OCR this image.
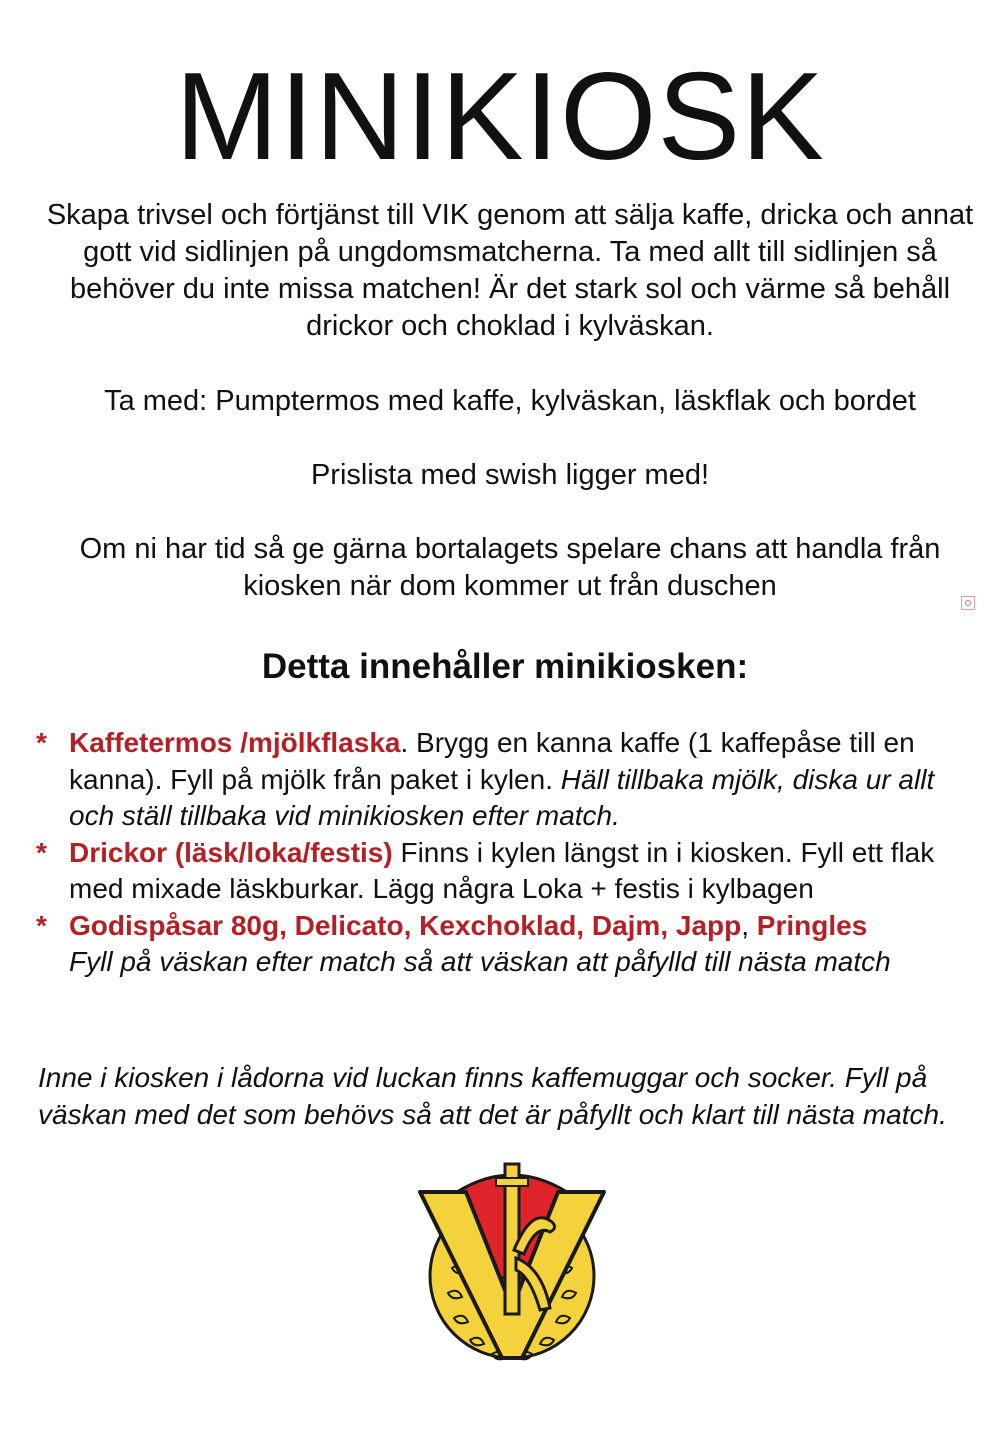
MINIKIOSK

Skapa trivsel och förtjänst till VIK genom att sälja kaffe, dricka och annat gott vid sidlinjen på ungdomsmatcherna. Ta med allt till sidlinjen så behöver du inte missa matchen! Är det stark sol och värme så behåll drickor och choklad i kylväskan.

Ta med: Pumptermos med kaffe, kylväskan, läskflak och bordet

Prislista med swish ligger med!

Om ni har tid så ge gärna bortalagets spelare chans att handla från kiosken när dom kommer ut från duschen

Detta innehåller minikiosken:
* Kaffetermos /mjölkflaska. Brygg en kanna kaffe (1 kaffepåse till en kanna). Fyll på mjölk från paket i kylen. Häll tillbaka mjölk, diska ur allt och ställ tillbaka vid minikiosken efter match.
* Drickor (läsk/loka/festis) Finns i kylen längst in i kiosken. Fyll ett flak med mixade läskburkar. Lägg några Loka + festis i kylbagen
* Godispåsar 80g, Delicato, Kexchoklad, Dajm, Japp, Pringles
Fyll på väskan efter match så att väskan att påfylld till nästa match

Inne i kiosken i lådorna vid luckan finns kaffemuggar och socker. Fyll på väskan med det som behövs så att det är påfyllt och klart till nästa match.
